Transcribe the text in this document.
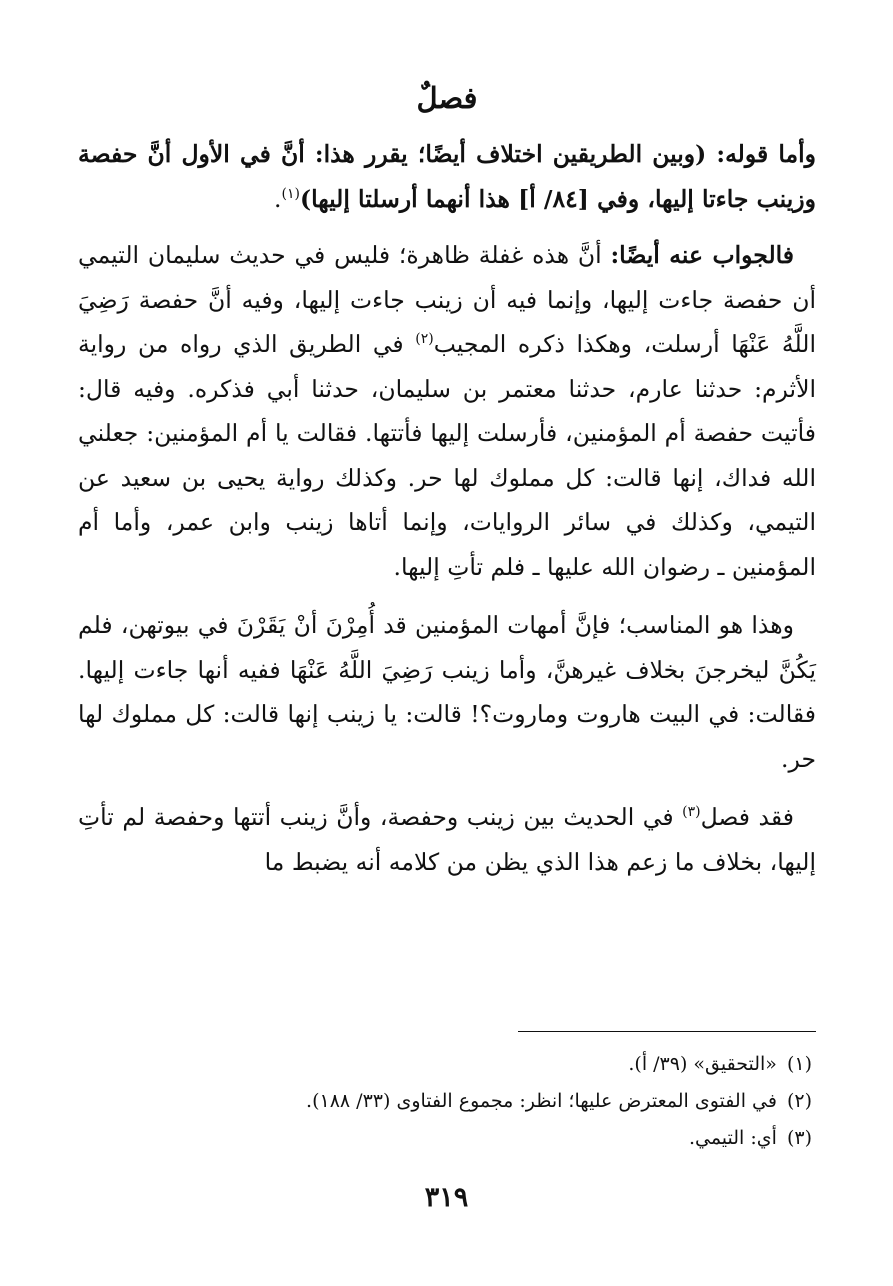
فصلٌ

وأما قوله: (وبين الطريقين اختلاف أيضًا؛ يقرر هذا: أنَّ في الأول أنَّ حفصة وزينب جاءتا إليها، وفي [٨٤/ أ] هذا أنهما أرسلتا إليها)$^{(١)}$.

فالجواب عنه أيضًا: أنَّ هذه غفلة ظاهرة؛ فليس في حديث سليمان التيمي أن حفصة جاءت إليها، وإنما فيه أن زينب جاءت إليها، وفيه أنَّ حفصة رَضِيَ اللَّهُ عَنْهَا أرسلت، وهكذا ذكره المجيب$^{(٢)}$ في الطريق الذي رواه من رواية الأثرم: حدثنا عارم، حدثنا معتمر بن سليمان، حدثنا أبي فذكره. وفيه قال: فأتيت حفصة أم المؤمنين، فأرسلت إليها فأتتها. فقالت يا أم المؤمنين: جعلني الله فداك، إنها قالت: كل مملوك لها حر. وكذلك رواية يحيى بن سعيد عن التيمي، وكذلك في سائر الروايات، وإنما أتاها زينب وابن عمر، وأما أم المؤمنين ـ رضوان الله عليها ـ فلم تأتِ إليها.

وهذا هو المناسب؛ فإنَّ أمهات المؤمنين قد أُمِرْنَ أنْ يَقَرْنَ في بيوتهن، فلم يَكُنَّ ليخرجنَ بخلاف غيرهنَّ، وأما زينب رَضِيَ اللَّهُ عَنْهَا ففيه أنها جاءت إليها. فقالت: في البيت هاروت وماروت؟! قالت: يا زينب إنها قالت: كل مملوك لها حر.

فقد فصل$^{(٣)}$ في الحديث بين زينب وحفصة، وأنَّ زينب أتتها وحفصة لم تأتِ إليها، بخلاف ما زعم هذا الذي يظن من كلامه أنه يضبط ما

(١)«التحقيق» (٣٩/ أ).

(٢)في الفتوى المعترض عليها؛ انظر: مجموع الفتاوى (٣٣/ ١٨٨).

(٣)أي: التيمي.

٣١٩
